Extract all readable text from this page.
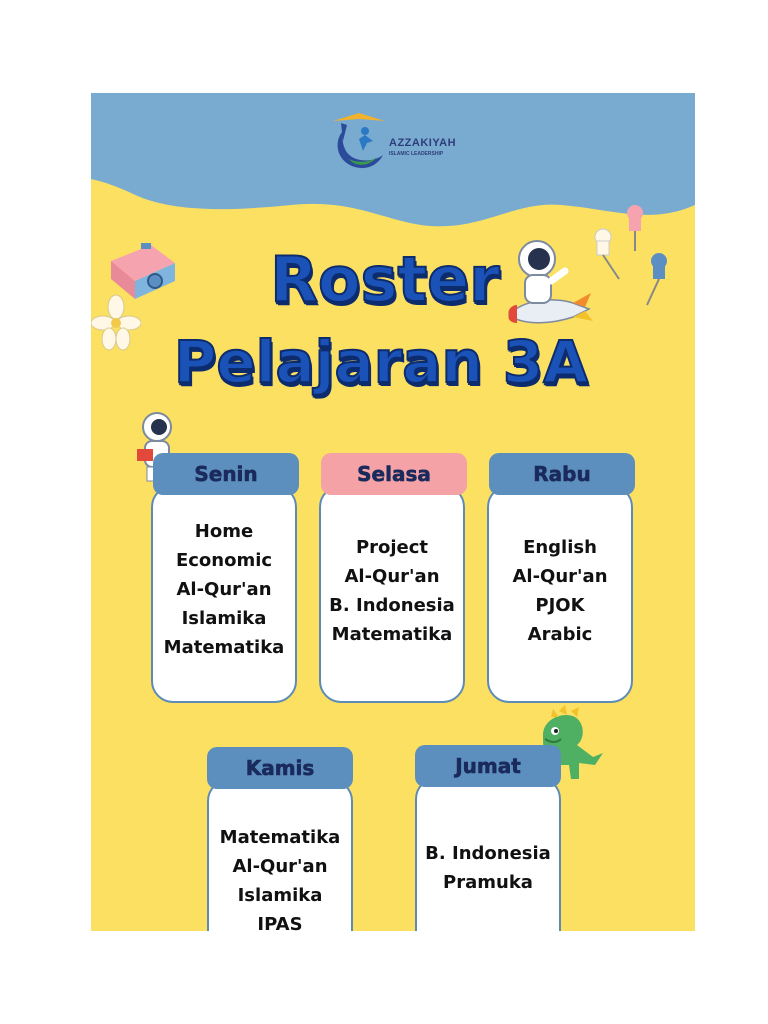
AZZAKIYAH
ISLAMIC LEADERSHIP
Roster
Pelajaran 3A
Home
Economic
Al-Qur'an
Islamika
Matematika
Senin
Project
Al-Qur'an
B. Indonesia
Matematika
Selasa
English
Al-Qur'an
PJOK
Arabic
Rabu
Matematika
Al-Qur'an
Islamika
IPAS
Kamis
B. Indonesia
Pramuka
Jumat
